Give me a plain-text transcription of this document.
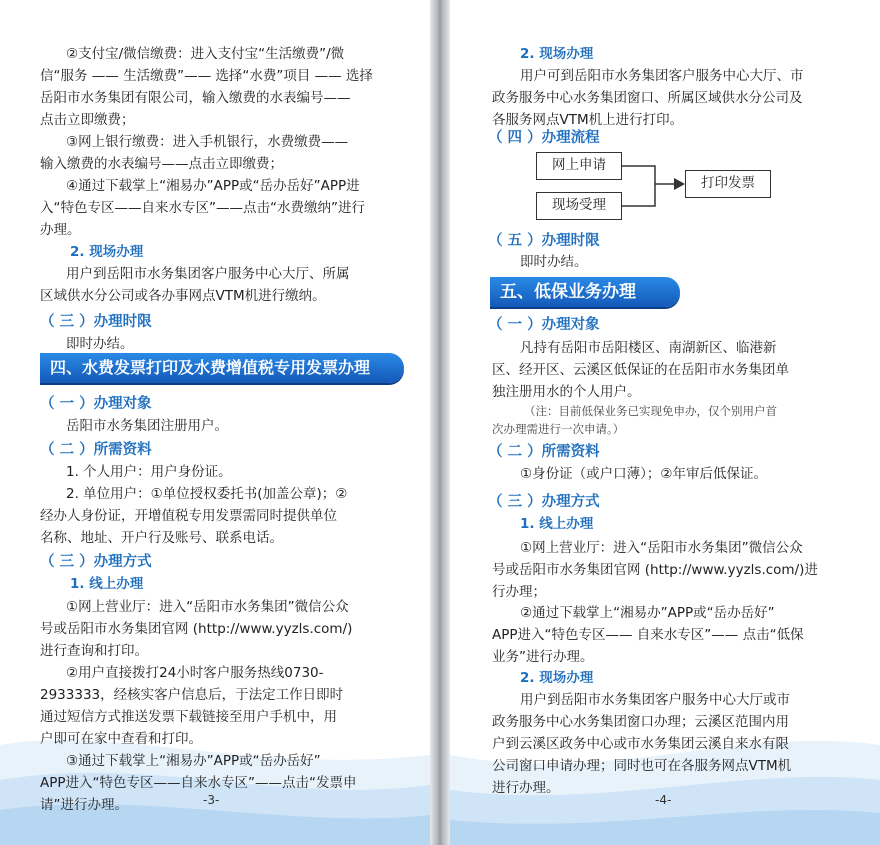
②支付宝/微信缴费：进入支付宝“生活缴费”/微
信“服务 —— 生活缴费”—— 选择“水费”项目 —— 选择
岳阳市水务集团有限公司，输入缴费的水表编号——
点击立即缴费；
③网上银行缴费：进入手机银行，水费缴费——
输入缴费的水表编号——点击立即缴费；
④通过下载掌上“湘易办”APP或“岳办岳好”APP进
入“特色专区——自来水专区”——点击“水费缴纳”进行
办理。
2. 现场办理
用户到岳阳市水务集团客户服务中心大厅、所属
区域供水分公司或各办事网点VTM机进行缴纳。
（ 三 ）办理时限
即时办结。
四、水费发票打印及水费增值税专用发票办理
（ 一 ）办理对象
岳阳市水务集团注册用户。
（ 二 ）所需资料
1. 个人用户：用户身份证。
2. 单位用户：①单位授权委托书(加盖公章)；②
经办人身份证，开增值税专用发票需同时提供单位
名称、地址、开户行及账号、联系电话。
（ 三 ）办理方式
1. 线上办理
①网上营业厅：进入“岳阳市水务集团”微信公众
号或岳阳市水务集团官网 (http://www.yyzls.com/)
进行查询和打印。
②用户直接拨打24小时客户服务热线0730-
2933333，经核实客户信息后，于法定工作日即时
通过短信方式推送发票下载链接至用户手机中，用
户即可在家中查看和打印。
③通过下载掌上“湘易办”APP或“岳办岳好”
APP进入“特色专区——自来水专区”——点击“发票申
请”进行办理。	-3-
2. 现场办理
用户可到岳阳市水务集团客户服务中心大厅、市
政务服务中心水务集团窗口、所属区域供水分公司及
各服务网点VTM机上进行打印。
（ 四 ）办理流程
网上申请
现场受理
打印发票
（ 五 ）办理时限
即时办结。
五、低保业务办理
（ 一 ）办理对象
凡持有岳阳市岳阳楼区、南湖新区、临港新
区、经开区、云溪区低保证的在岳阳市水务集团单
独注册用水的个人用户。
（注：目前低保业务已实现免申办，仅个别用户首
次办理需进行一次申请。）
（ 二 ）所需资料
①身份证（或户口薄）；②年审后低保证。
（ 三 ）办理方式
1. 线上办理
①网上营业厅：进入“岳阳市水务集团”微信公众
号或岳阳市水务集团官网 (http://www.yyzls.com/)进
行办理；
②通过下载掌上“湘易办”APP或“岳办岳好”
APP进入“特色专区—— 自来水专区”—— 点击“低保
业务”进行办理。
2. 现场办理
用户到岳阳市水务集团客户服务中心大厅或市
政务服务中心水务集团窗口办理；云溪区范围内用
户到云溪区政务中心或市水务集团云溪自来水有限
公司窗口申请办理；同时也可在各服务网点VTM机
进行办理。
-4-
